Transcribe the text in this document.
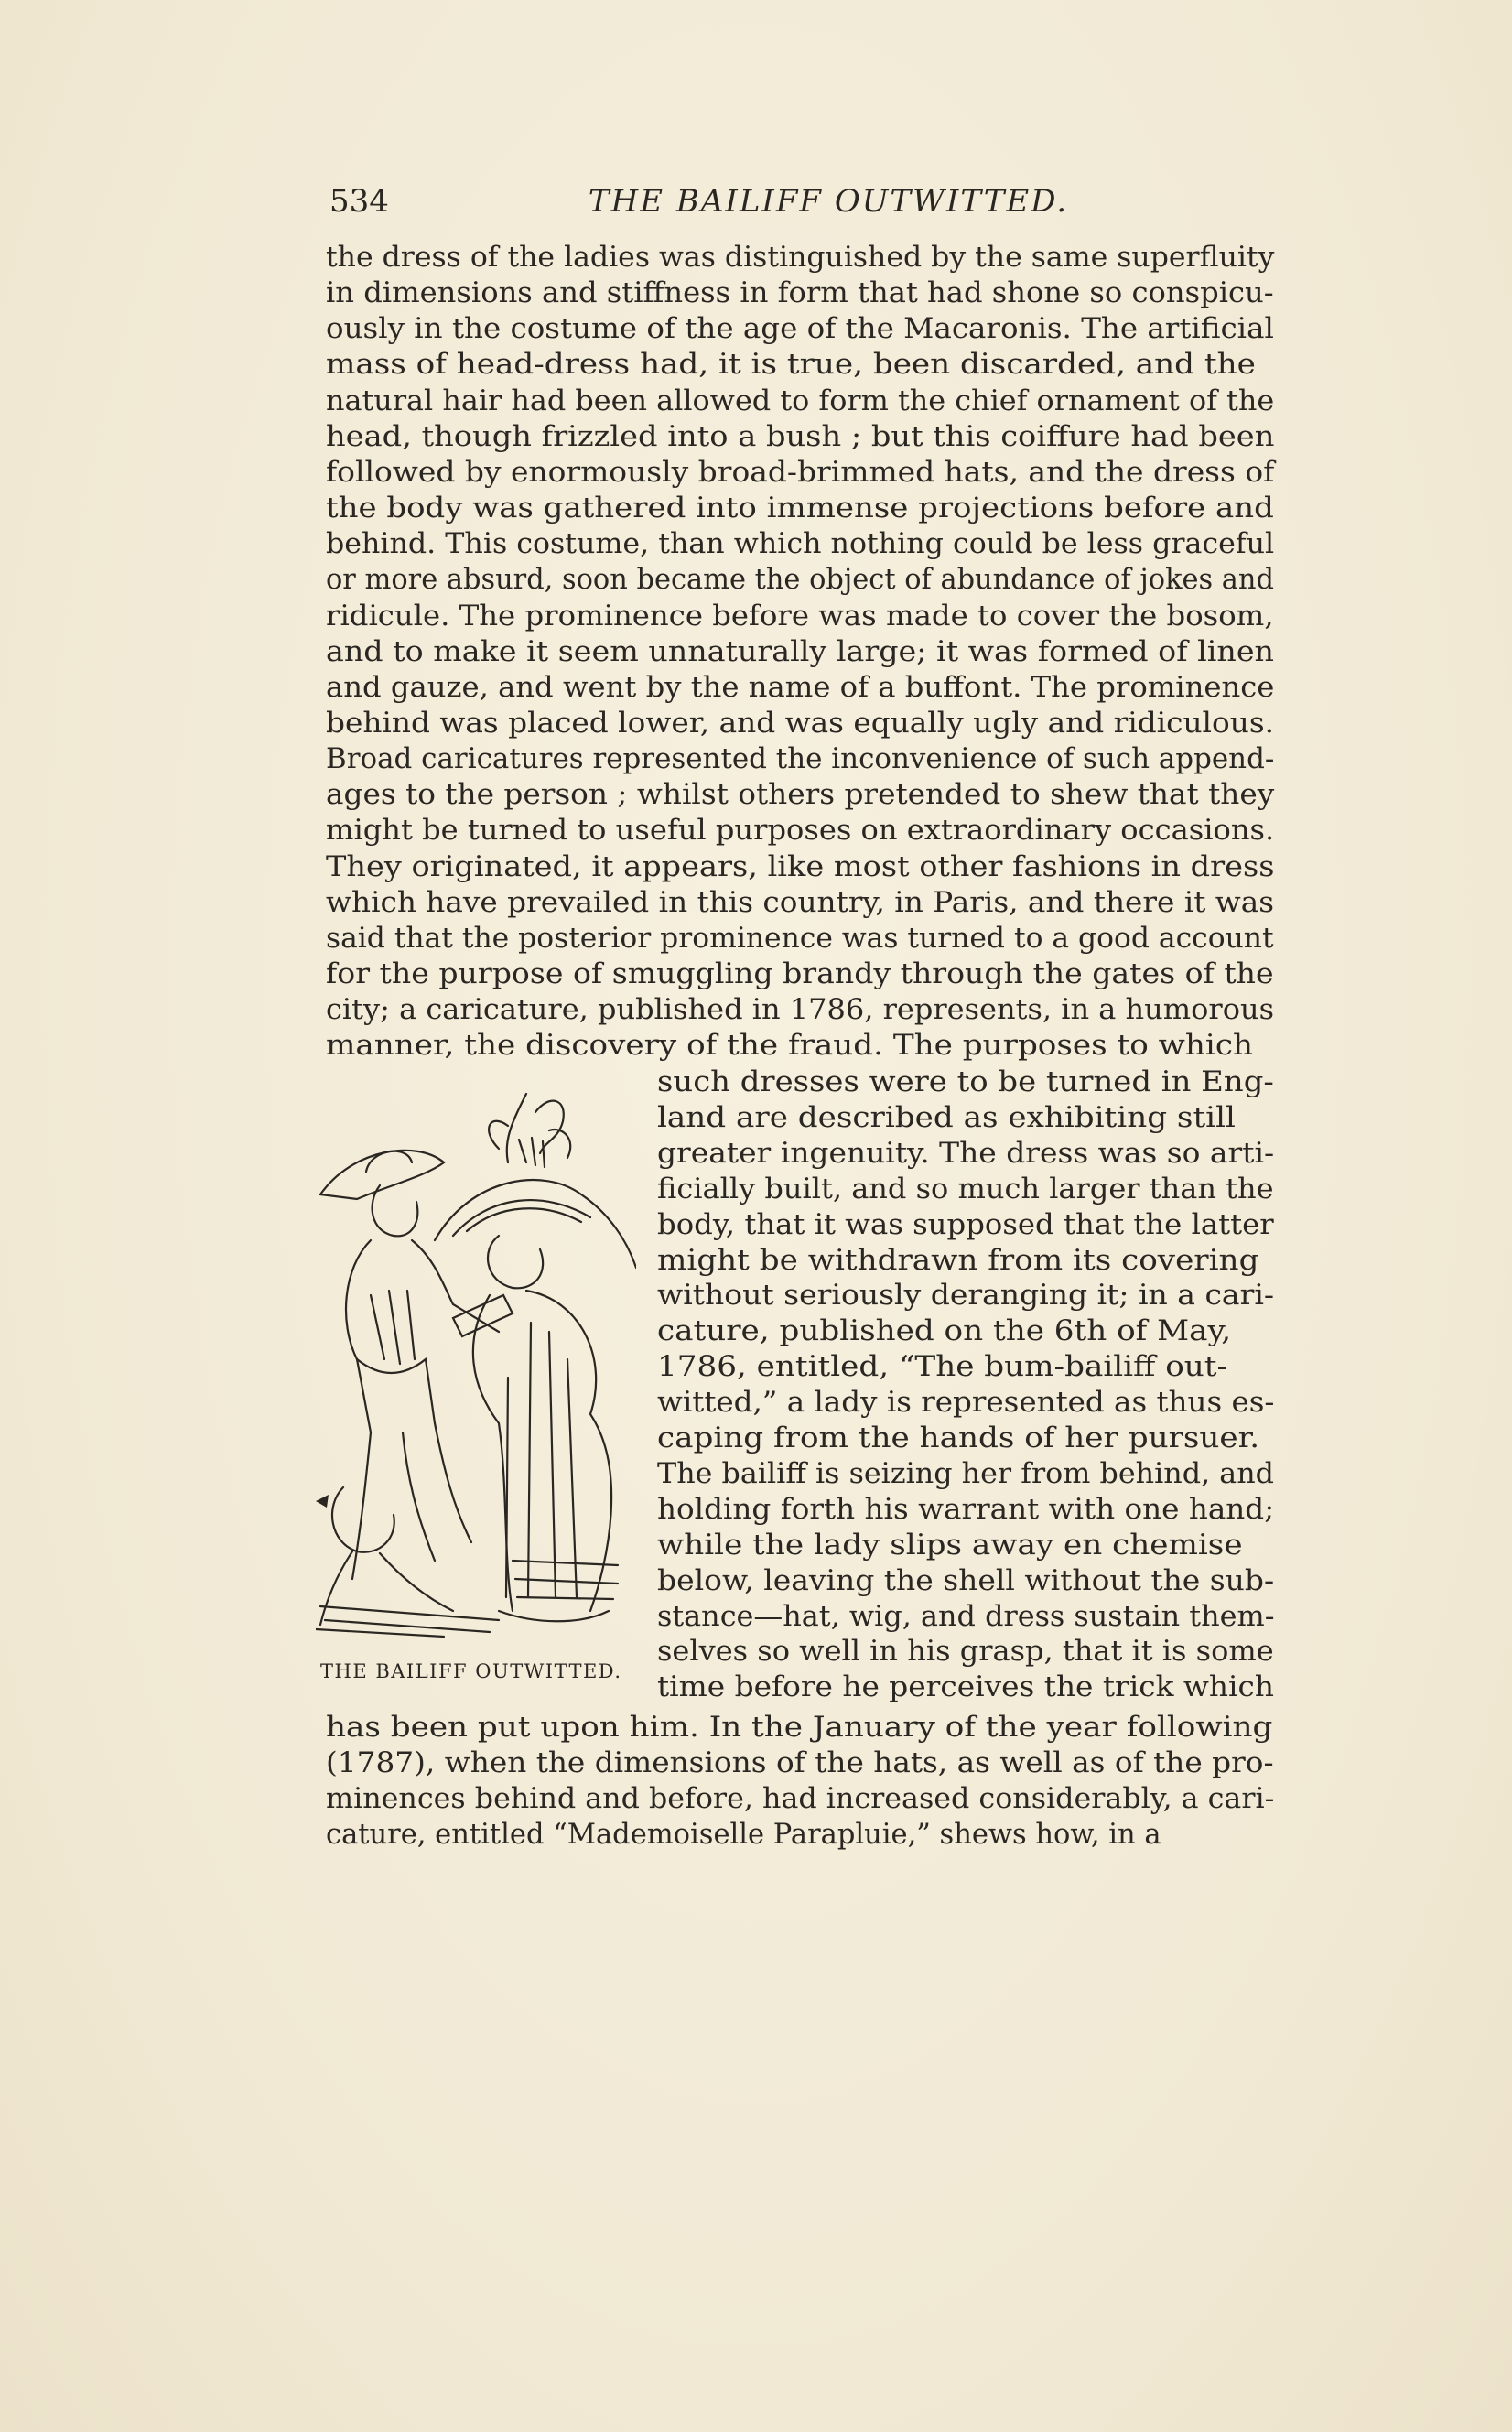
534	THE BAILIFF OUTWITTED.
the dress of the ladies was distinguished by the same superfluity
in dimensions and stiffness in form that had shone so conspicu-
ously in the costume of the age of the Macaronis. The artificial
mass of head-dress had, it is true, been discarded, and the
natural hair had been allowed to form the chief ornament of the
head, though frizzled into a bush ; but this coiffure had been
followed by enormously broad-brimmed hats, and the dress of
the body was gathered into immense projections before and
behind. This costume, than which nothing could be less graceful
or more absurd, soon became the object of abundance of jokes and
ridicule. The prominence before was made to cover the bosom,
and to make it seem unnaturally large; it was formed of linen
and gauze, and went by the name of a buffont. The prominence
behind was placed lower, and was equally ugly and ridiculous.
Broad caricatures represented the inconvenience of such append-
ages to the person ; whilst others pretended to shew that they
might be turned to useful purposes on extraordinary occasions.
They originated, it appears, like most other fashions in dress
which have prevailed in this country, in Paris, and there it was
said that the posterior prominence was turned to a good account
for the purpose of smuggling brandy through the gates of the
city; a caricature, published in 1786, represents, in a humorous
manner, the discovery of the fraud. The purposes to which
such dresses were to be turned in Eng-
land are described as exhibiting still
greater ingenuity. The dress was so arti-
ficially built, and so much larger than the
body, that it was supposed that the latter
might be withdrawn from its covering
without seriously deranging it; in a cari-
cature, published on the 6th of May,
1786, entitled, “The bum-bailiff out-
witted,” a lady is represented as thus es-
caping from the hands of her pursuer.
The bailiff is seizing her from behind, and
holding forth his warrant with one hand;
while the lady slips away en chemise
below, leaving the shell without the sub-
stance—hat, wig, and dress sustain them-
selves so well in his grasp, that it is some
time before he perceives the trick which
has been put upon him. In the January of the year following
(1787), when the dimensions of the hats, as well as of the pro-
minences behind and before, had increased considerably, a cari-
cature, entitled “Mademoiselle Parapluie,” shews how, in a
THE BAILIFF OUTWITTED.
